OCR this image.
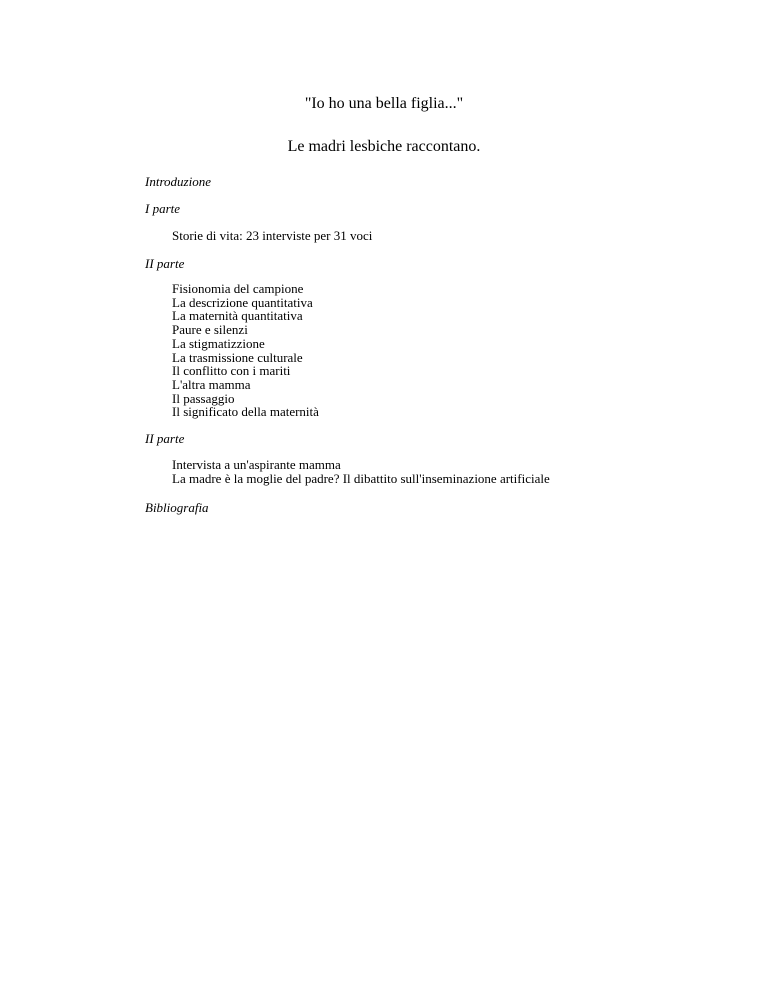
"Io ho una bella figlia..."
Le madri lesbiche raccontano.
Introduzione
I parte
Storie di vita: 23 interviste per 31 voci
II parte
Fisionomia del campione
La descrizione quantitativa
La maternità quantitativa
Paure e silenzi
La stigmatizzione
La trasmissione culturale
Il conflitto con i mariti
L'altra mamma
Il passaggio
Il significato della maternità
II parte
Intervista a un'aspirante mamma
La madre è la moglie del padre? Il dibattito sull'inseminazione artificiale
Bibliografia
